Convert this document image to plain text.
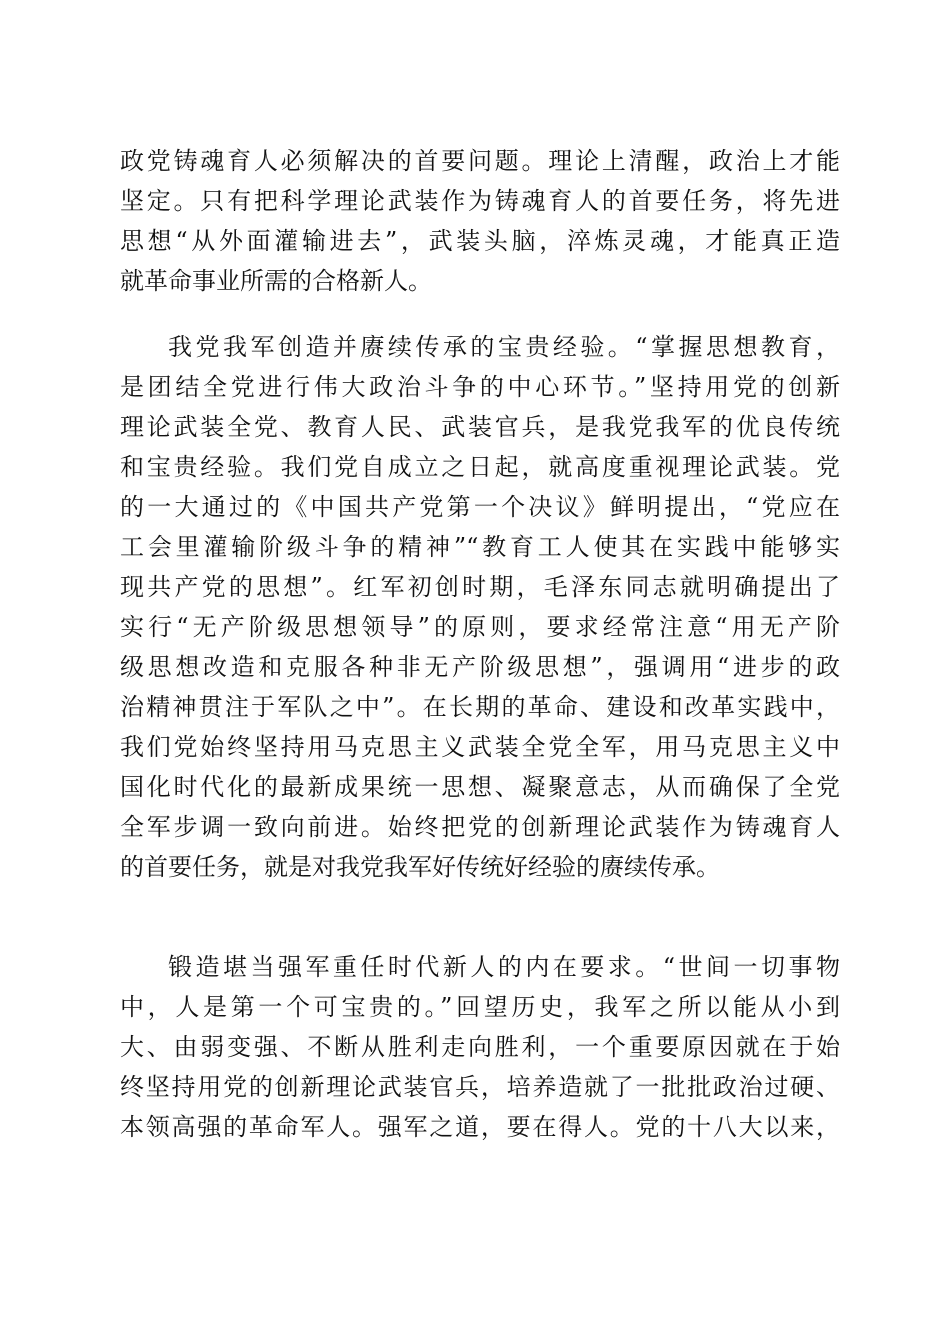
政党铸魂育人必须解决的首要问题。理论上清醒，政治上才能
坚定。只有把科学理论武装作为铸魂育人的首要任务，将先进
思想“从外面灌输进去”，武装头脑，淬炼灵魂，才能真正造
就革命事业所需的合格新人。
我党我军创造并赓续传承的宝贵经验。“掌握思想教育，
是团结全党进行伟大政治斗争的中心环节。”坚持用党的创新
理论武装全党、教育人民、武装官兵，是我党我军的优良传统
和宝贵经验。我们党自成立之日起，就高度重视理论武装。党
的一大通过的《中国共产党第一个决议》鲜明提出，“党应在
工会里灌输阶级斗争的精神”“教育工人使其在实践中能够实
现共产党的思想”。红军初创时期，毛泽东同志就明确提出了
实行“无产阶级思想领导”的原则，要求经常注意“用无产阶
级思想改造和克服各种非无产阶级思想”，强调用“进步的政
治精神贯注于军队之中”。在长期的革命、建设和改革实践中，
我们党始终坚持用马克思主义武装全党全军，用马克思主义中
国化时代化的最新成果统一思想、凝聚意志，从而确保了全党
全军步调一致向前进。始终把党的创新理论武装作为铸魂育人
的首要任务，就是对我党我军好传统好经验的赓续传承。
锻造堪当强军重任时代新人的内在要求。“世间一切事物
中，人是第一个可宝贵的。”回望历史，我军之所以能从小到
大、由弱变强、不断从胜利走向胜利，一个重要原因就在于始
终坚持用党的创新理论武装官兵，培养造就了一批批政治过硬、
本领高强的革命军人。强军之道，要在得人。党的十八大以来，
